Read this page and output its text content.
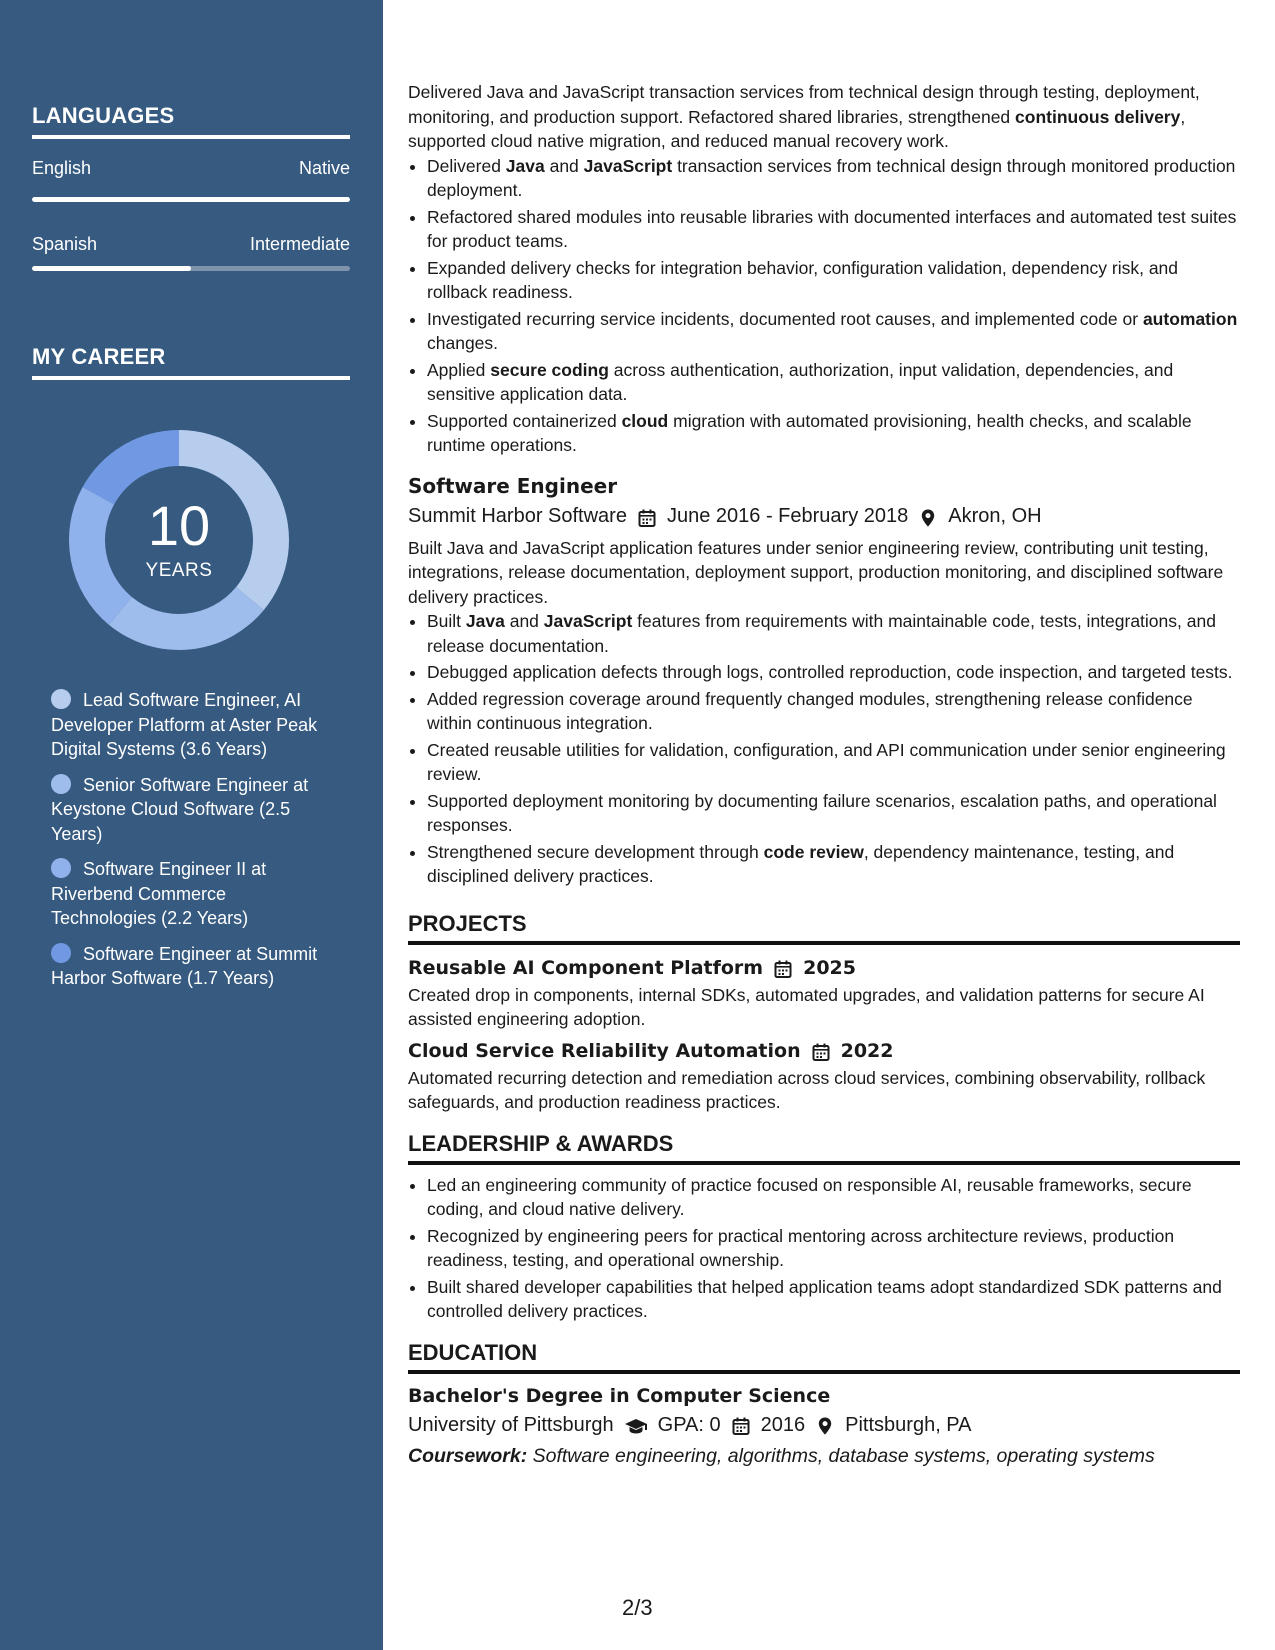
LANGUAGES
English	Native
Spanish	Intermediate
MY CAREER
10
YEARS
Lead Software Engineer, AI Developer Platform at Aster Peak Digital Systems (3.6 Years)
Senior Software Engineer at Keystone Cloud Software (2.5 Years)
Software Engineer II at Riverbend Commerce Technologies (2.2 Years)
Software Engineer at Summit Harbor Software (1.7 Years)

Delivered Java and JavaScript transaction services from technical design through testing, deployment, monitoring, and production support. Refactored shared libraries, strengthened continuous delivery, supported cloud native migration, and reduced manual recovery work.

• Delivered Java and JavaScript transaction services from technical design through monitored production deployment.
• Refactored shared modules into reusable libraries with documented interfaces and automated test suites for product teams.
• Expanded delivery checks for integration behavior, configuration validation, dependency risk, and rollback readiness.
• Investigated recurring service incidents, documented root causes, and implemented code or automation changes.
• Applied secure coding across authentication, authorization, input validation, dependencies, and sensitive application data.
• Supported containerized cloud migration with automated provisioning, health checks, and scalable runtime operations.
Software Engineer
Summit Harbor Software June 2016 - February 2018 Akron, OH

Built Java and JavaScript application features under senior engineering review, contributing unit testing, integrations, release documentation, deployment support, production monitoring, and disciplined software delivery practices.

• Built Java and JavaScript features from requirements with maintainable code, tests, integrations, and release documentation.
• Debugged application defects through logs, controlled reproduction, code inspection, and targeted tests.
• Added regression coverage around frequently changed modules, strengthening release confidence within continuous integration.
• Created reusable utilities for validation, configuration, and API communication under senior engineering review.
• Supported deployment monitoring by documenting failure scenarios, escalation paths, and operational responses.
• Strengthened secure development through code review, dependency maintenance, testing, and disciplined delivery practices.
PROJECTS
Reusable AI Component Platform 2025

Created drop in components, internal SDKs, automated upgrades, and validation patterns for secure AI assisted engineering adoption.

Cloud Service Reliability Automation 2022

Automated recurring detection and remediation across cloud services, combining observability, rollback safeguards, and production readiness practices.

LEADERSHIP & AWARDS
• Led an engineering community of practice focused on responsible AI, reusable frameworks, secure coding, and cloud native delivery.
• Recognized by engineering peers for practical mentoring across architecture reviews, production readiness, testing, and operational ownership.
• Built shared developer capabilities that helped application teams adopt standardized SDK patterns and controlled delivery practices.
EDUCATION
Bachelor's Degree in Computer Science
University of Pittsburgh GPA: 0 2016 Pittsburgh, PA
Coursework: Software engineering, algorithms, database systems, operating systems
2/3
